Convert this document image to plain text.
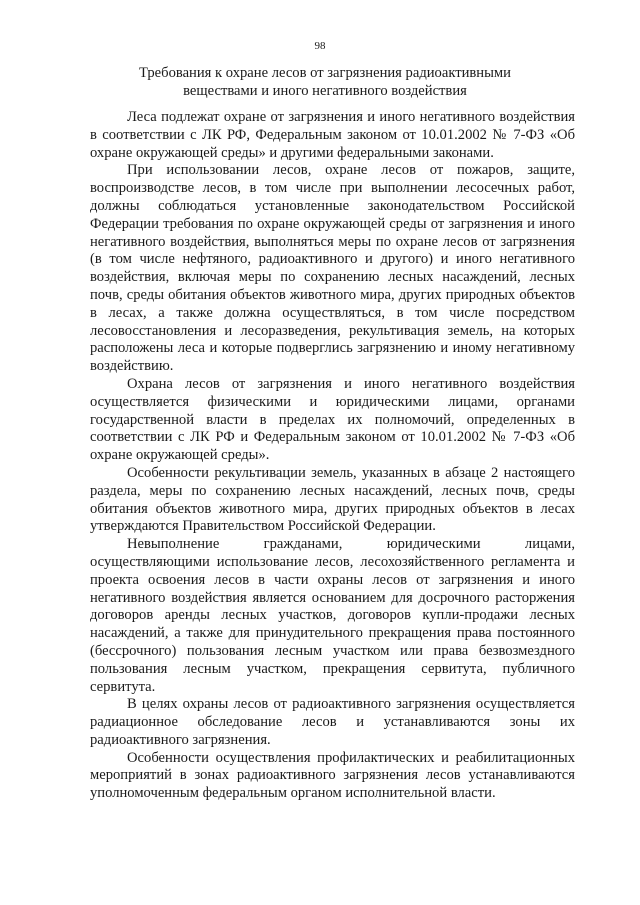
98
Требования к охране лесов от загрязнения радиоактивными
веществами и иного негативного воздействия

Леса подлежат охране от загрязнения и иного негативного воздействия в соответствии с ЛК РФ, Федеральным законом от 10.01.2002 № 7-ФЗ «Об охране окружающей среды» и другими федеральными законами.

При использовании лесов, охране лесов от пожаров, защите, воспроизводстве лесов, в том числе при выполнении лесосечных работ, должны соблюдаться установленные законодательством Российской Федерации требования по охране окружающей среды от загрязнения и иного негативного воздействия, выполняться меры по охране лесов от загрязнения (в том числе нефтяного, радиоактивного и другого) и иного негативного воздействия, включая меры по сохранению лесных насаждений, лесных почв, среды обитания объектов животного мира, других природных объектов в лесах, а также должна осуществляться, в том числе посредством лесовосстановления и лесоразведения, рекультивация земель, на которых расположены леса и которые подверглись загрязнению и иному негативному воздействию.

Охрана лесов от загрязнения и иного негативного воздействия осуществляется физическими и юридическими лицами, органами государственной власти в пределах их полномочий, определенных в соответствии с ЛК РФ и Федеральным законом от 10.01.2002 № 7-ФЗ «Об охране окружающей среды».

Особенности рекультивации земель, указанных в абзаце 2 настоящего раздела, меры по сохранению лесных насаждений, лесных почв, среды обитания объектов животного мира, других природных объектов в лесах утверждаются Правительством Российской Федерации.

Невыполнение гражданами, юридическими лицами, осуществляющими использование лесов, лесохозяйственного регламента и проекта освоения лесов в части охраны лесов от загрязнения и иного негативного воздействия является основанием для досрочного расторжения договоров аренды лесных участков, договоров купли-продажи лесных насаждений, а также для принудительного прекращения права постоянного (бессрочного) пользования лесным участком или права безвозмездного пользования лесным участком, прекращения сервитута, публичного сервитута.

В целях охраны лесов от радиоактивного загрязнения осуществляется радиационное обследование лесов и устанавливаются зоны их радиоактивного загрязнения.

Особенности осуществления профилактических и реабилитационных мероприятий в зонах радиоактивного загрязнения лесов устанавливаются уполномоченным федеральным органом исполнительной власти.
